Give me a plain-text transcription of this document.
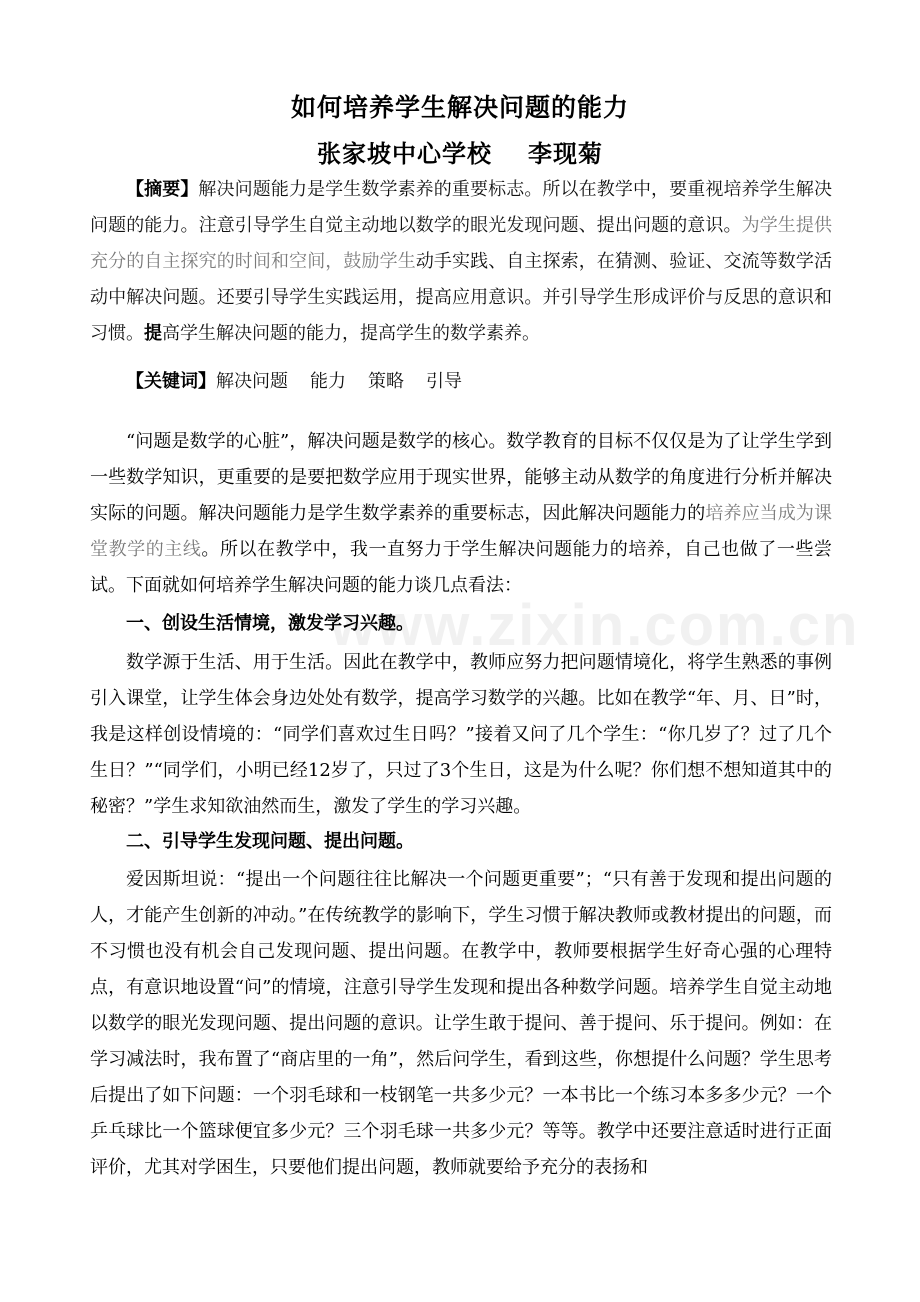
如何培养学生解决问题的能力
张家坡中心学校 李现菊

【摘要】解决问题能力是学生数学素养的重要标志。所以在教学中，要重视培养学生解决问题的能力。注意引导学生自觉主动地以数学的眼光发现问题、提出问题的意识。为学生提供充分的自主探究的时间和空间，鼓励学生动手实践、自主探索，在猜测、验证、交流等数学活动中解决问题。还要引导学生实践运用，提高应用意识。并引导学生形成评价与反思的意识和习惯。提高学生解决问题的能力，提高学生的数学素养。

【关键词】解决问题 能力 策略 引导

“问题是数学的心脏”，解决问题是数学的核心。数学教育的目标不仅仅是为了让学生学到一些数学知识，更重要的是要把数学应用于现实世界，能够主动从数学的角度进行分析并解决实际的问题。解决问题能力是学生数学素养的重要标志，因此解决问题能力的培养应当成为课堂教学的主线。所以在教学中，我一直努力于学生解决问题能力的培养，自己也做了一些尝试。下面就如何培养学生解决问题的能力谈几点看法：

www.zixin.com.cn

一、创设生活情境，激发学习兴趣。

数学源于生活、用于生活。因此在教学中，教师应努力把问题情境化，将学生熟悉的事例引入课堂，让学生体会身边处处有数学，提高学习数学的兴趣。比如在教学“年、月、日”时，我是这样创设情境的：“同学们喜欢过生日吗？”接着又问了几个学生：“你几岁了？过了几个生日？”“同学们，小明已经12岁了，只过了3个生日，这是为什么呢？你们想不想知道其中的秘密？”学生求知欲油然而生，激发了学生的学习兴趣。

二、引导学生发现问题、提出问题。

爱因斯坦说：“提出一个问题往往比解决一个问题更重要”；“只有善于发现和提出问题的人，才能产生创新的冲动。”在传统教学的影响下，学生习惯于解决教师或教材提出的问题，而不习惯也没有机会自己发现问题、提出问题。在教学中，教师要根据学生好奇心强的心理特点，有意识地设置“问”的情境，注意引导学生发现和提出各种数学问题。培养学生自觉主动地以数学的眼光发现问题、提出问题的意识。让学生敢于提问、善于提问、乐于提问。例如：在学习减法时，我布置了“商店里的一角”，然后问学生，看到这些，你想提什么问题？学生思考后提出了如下问题：一个羽毛球和一枝钢笔一共多少元？一本书比一个练习本多多少元？一个乒乓球比一个篮球便宜多少元？三个羽毛球一共多少元？等等。教学中还要注意适时进行正面评价，尤其对学困生，只要他们提出问题，教师就要给予充分的表扬和
